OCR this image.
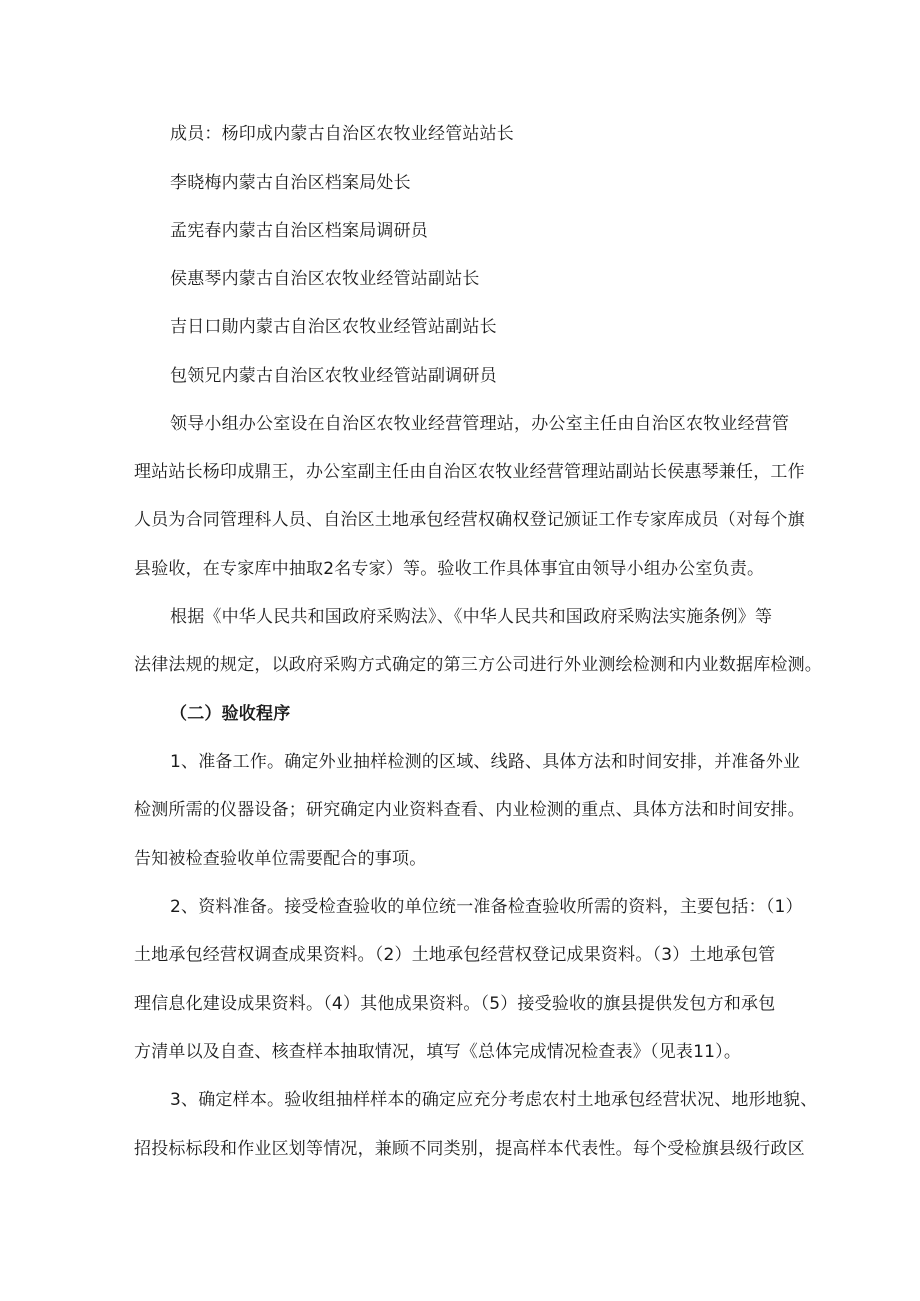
成员：杨印成内蒙古自治区农牧业经管站站长
李晓梅内蒙古自治区档案局处长
孟宪春内蒙古自治区档案局调研员
侯惠琴内蒙古自治区农牧业经管站副站长
吉日口勛内蒙古自治区农牧业经管站副站长
包领兄内蒙古自治区农牧业经管站副调研员
领导小组办公室设在自治区农牧业经营管理站，办公室主任由自治区农牧业经营管
理站站长杨印成鼎王，办公室副主任由自治区农牧业经营管理站副站长侯惠琴兼任，工作
人员为合同管理科人员、自治区土地承包经营权确权登记颁证工作专家库成员（对每个旗
县验收，在专家库中抽取2名专家）等。验收工作具体事宜由领导小组办公室负责。
根据《中华人民共和国政府采购法》、《中华人民共和国政府采购法实施条例》等
法律法规的规定，以政府采购方式确定的第三方公司进行外业测绘检测和内业数据库检测。
（二）验收程序
1、准备工作。确定外业抽样检测的区域、线路、具体方法和时间安排，并准备外业
检测所需的仪器设备；研究确定内业资料查看、内业检测的重点、具体方法和时间安排。
告知被检查验收单位需要配合的事项。
2、资料准备。接受检查验收的单位统一准备检查验收所需的资料，主要包括：（1）
土地承包经营权调查成果资料。（2）土地承包经营权登记成果资料。（3）土地承包管
理信息化建设成果资料。（4）其他成果资料。（5）接受验收的旗县提供发包方和承包
方清单以及自查、核查样本抽取情况，填写《总体完成情况检查表》（见表11）。
3、确定样本。验收组抽样样本的确定应充分考虑农村土地承包经营状况、地形地貌、
招投标标段和作业区划等情况，兼顾不同类别，提高样本代表性。每个受检旗县级行政区
